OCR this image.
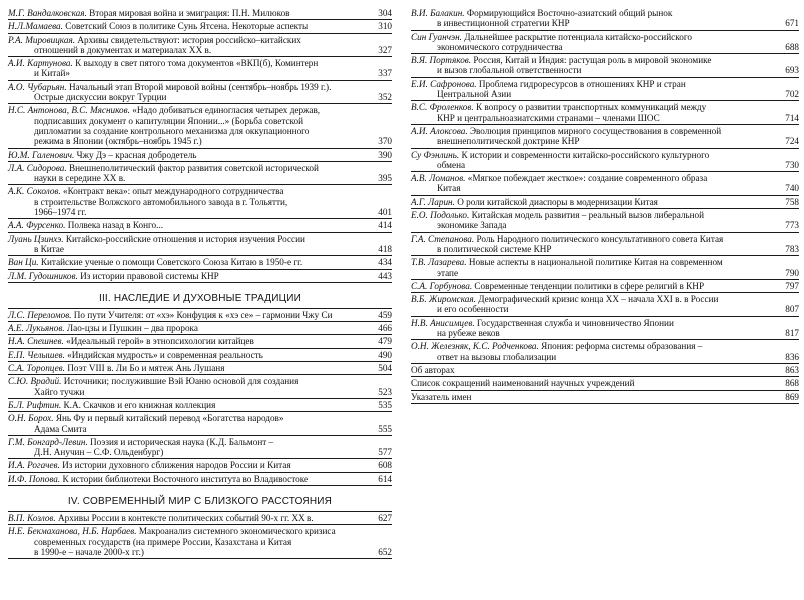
М.Г. Вандалковская. Вторая мировая война и эмиграция: П.Н. Милюков	304
Н.Л.Мамаева. Советский Союз в политике Сунь Ятсена. Некоторые аспекты	310
Р.А. Мировицкая. Архивы свидетельствуют: история российско–китайских
отношений в документах и материалах XX в.	327
А.И. Картунова. К выходу в свет пятого тома документов «ВКП(б), Коминтерн
и Китай»	337
А.О. Чубарьян. Начальный этап Второй мировой войны (сентябрь–ноябрь 1939 г.).
Острые дискуссии вокруг Турции	352
Н.С. Антонова, В.С. Мясников. «Надо добиваться единогласия четырех держав,
подписавших документ о капитуляции Японии...» (Борьба советской
дипломатии за создание контрольного механизма для оккупационного
режима в Японии (октябрь–ноябрь 1945 г.)	370
Ю.М. Галенович. Чжу Дэ – красная добродетель	390
Л.А. Сидорова. Внешнеполитический фактор развития советской исторической
науки в середине XX в.	395
А.К. Соколов. «Контракт века»: опыт международного сотрудничества
в строительстве Волжского автомобильного завода в г. Тольятти,
1966–1974 гг.	401
А.А. Фурсенко. Полвека назад в Конго...	414
Луань Цзинхэ. Китайско-российские отношения и история изучения России
в Китае	418
Ван Ци. Китайские ученые о помощи Советского Союза Китаю в 1950-е гг.	434
Л.М. Гудошников. Из истории правовой системы КНР	443
III. НАСЛЕДИЕ И ДУХОВНЫЕ ТРАДИЦИИ
Л.С. Переломов. По пути Учителя: от «хэ» Конфуция к «хэ се» – гармонии Чжу Си	459
А.Е. Лукьянов. Лао-цзы и Пушкин – два пророка	466
Н.А. Спешнев. «Идеальный герой» в этнопсихологии китайцев	479
Е.П. Челышев. «Индийская мудрость» и современная реальность	490
С.А. Торопцев. Поэт VIII в. Ли Бо и мятеж Ань Лушаня	504
С.Ю. Врадий. Источники; послужившие Вэй Юаню основой для создания
Хайго тучжи	523
Б.Л. Рифтин. К.А. Скачков и его книжная коллекция	535
О.Н. Борох. Янь Фу и первый китайский перевод «Богатства народов»
Адама Смита	555
Г.М. Бонгард-Левин. Поэзия и историческая наука (К.Д. Бальмонт –
Д.Н. Анучин – С.Ф. Ольденбург)	577
И.А. Рогачев. Из истории духовного сближения народов России и Китая	608
И.Ф. Попова. К истории библиотеки Восточного института во Владивостоке	614
IV. СОВРЕМЕННЫЙ МИР С БЛИЗКОГО РАССТОЯНИЯ
В.П. Козлов. Архивы России в контексте политических событий 90-х гг. XX в.	627
Н.Е. Бекмаханова, Н.Б. Нарбаев. Макроанализ системного экономического кризиса
современных государств (на примере России, Казахстана и Китая
в 1990-е – начале 2000-х гг.)	652
В.И. Балакин. Формирующийся Восточно-азиатский общий рынок
в инвестиционной стратегии КНР	671
Син Гуанчэн. Дальнейшее раскрытие потенциала китайско-российского
экономического сотрудничества	688
В.Я. Портяков. Россия, Китай и Индия: растущая роль в мировой экономике
и вызов глобальной ответственности	693
Е.И. Сафронова. Проблема гидроресурсов в отношениях КНР и стран
Центральной Азии	702
В.С. Фроленков. К вопросу о развитии транспортных коммуникаций между
КНР и центральноазиатскими странами – членами ШОС	714
А.И. Алоксова. Эволюция принципов мирного сосуществования в современной
внешнеполитической доктрине КНР	724
Су Фэнлинь. К истории и современности китайско-российского культурного
обмена	730
А.В. Ломанов. «Мягкое побеждает жесткое»: создание современного образа
Китая	740
А.Г. Ларин. О роли китайской диаспоры в модернизации Китая	758
Е.О. Подолько. Китайская модель развития – реальный вызов либеральной
экономике Запада	773
Г.А. Степанова. Роль Народного политического консультативного совета Китая
в политической системе КНР	783
Т.В. Лазарева. Новые аспекты в национальной политике Китая на современном
этапе	790
С.А. Горбунова. Современные тенденции политики в сфере религий в КНР	797
В.Б. Жиромская. Демографический кризис конца XX – начала XXI в. в России
и его особенности	807
Н.В. Анисимцев. Государственная служба и чиновничество Японии
на рубеже веков	817
О.Н. Железняк, К.С. Родченкова. Япония: реформа системы образования –
ответ на вызовы глобализации	836
Об авторах	863
Список сокращений наименований научных учреждений	868
Указатель имен	869
